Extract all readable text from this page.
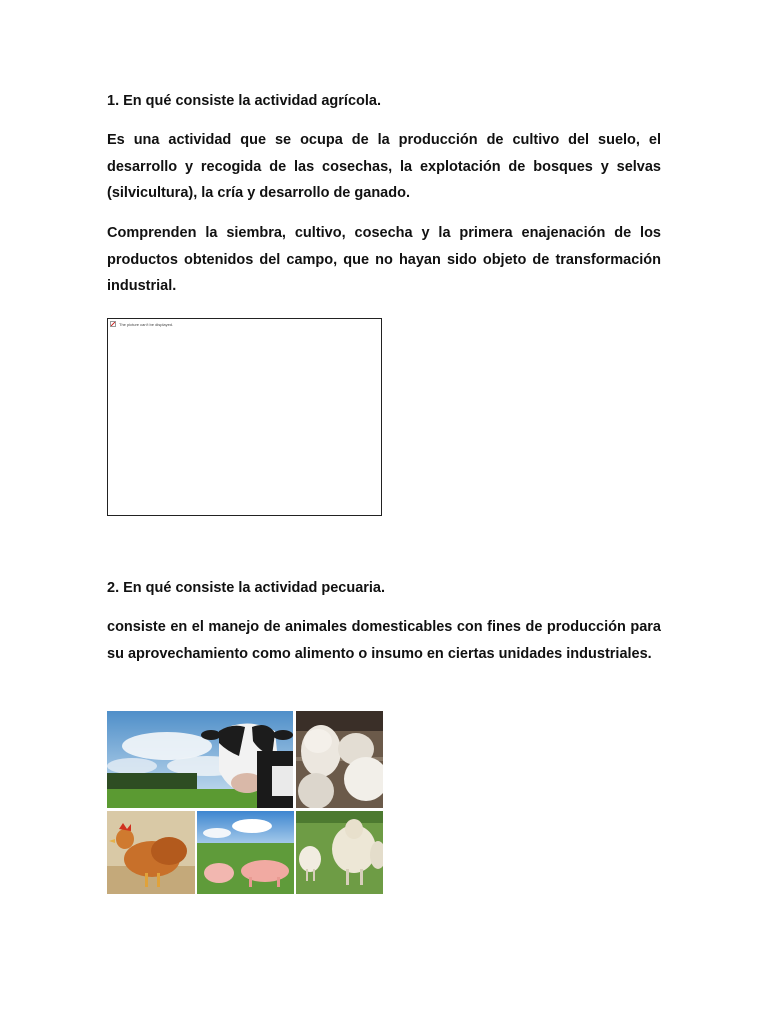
1. En qué consiste la actividad agrícola.
Es una actividad que se ocupa de la producción de cultivo del suelo, el desarrollo y recogida de las cosechas, la explotación de bosques y selvas (silvicultura), la cría y desarrollo de ganado.
Comprenden la siembra, cultivo, cosecha y la primera enajenación de los productos obtenidos del campo, que no hayan sido objeto de transformación industrial.
The picture can't be displayed.
2. En qué consiste la actividad pecuaria.
consiste en el manejo de animales domesticables con fines de producción para su aprovechamiento como alimento o insumo en ciertas unidades industriales.
